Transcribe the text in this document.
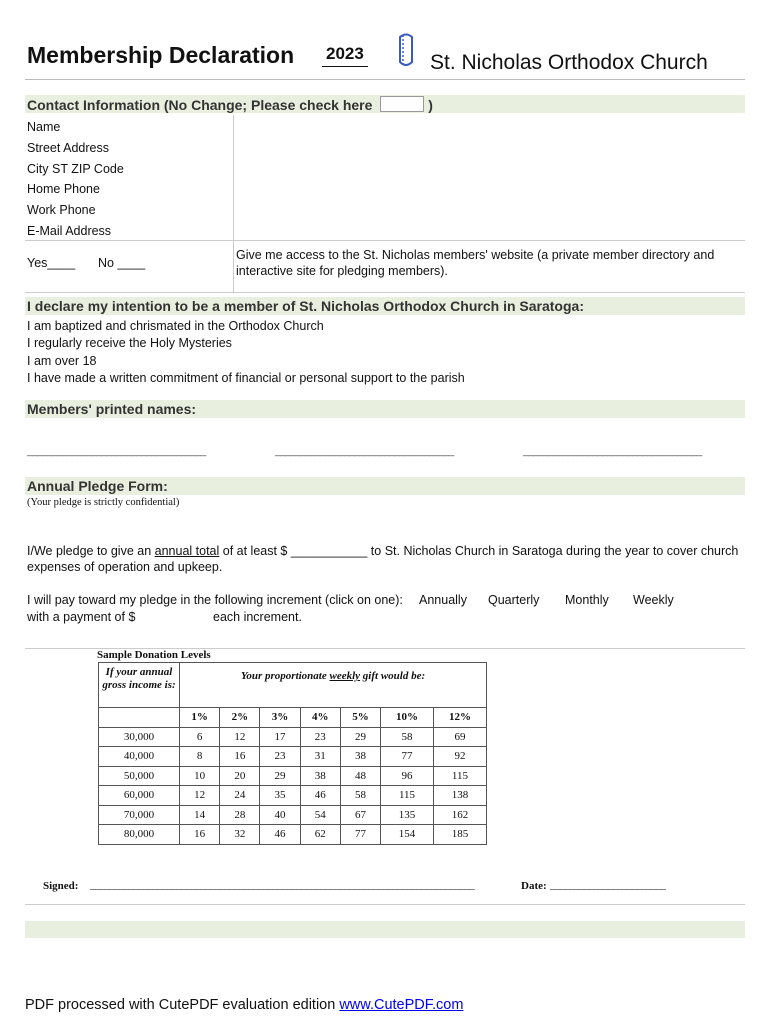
Membership Declaration 2023	St. Nicholas Orthodox Church
Contact Information (No Change; Please check here	)
Name
Street Address
City ST ZIP Code
Home Phone
Work Phone
E-Mail Address
Yes____ No ____
Give me access to the St. Nicholas members' website (a private member directory and interactive site for pledging members).
I declare my intention to be a member of St. Nicholas Orthodox Church in Saratoga:
I am baptized and chrismated in the Orthodox Church
I regularly receive the Holy Mysteries
I am over 18
I have made a written commitment of financial or personal support to the parish
Members' printed names:
____________________________________	____________________________________	____________________________________
Annual Pledge Form:
(Your pledge is strictly confidential)
I/We pledge to give an annual total of at least $ ___________ to St. Nicholas Church in Saratoga during the year to cover church expenses of operation and upkeep.
I will pay toward my pledge in the following increment (click on one): Annually Quarterly Monthly Weekly
with a payment of $	each increment.
Sample Donation Levels
If your annual gross income is:	Your proportionate weekly gift would be:						
	1%	2%	3%	4%	5%	10%	12%
30,000	6	12	17	23	29	58	69
40,000	8	16	23	31	38	77	92
50,000	10	20	29	38	48	96	115
60,000	12	24	35	46	58	115	138
70,000	14	28	40	54	67	135	162
80,000	16	32	46	62	77	154	185
Signed: ________________________________________________________________________________	Date: ________________________
PDF processed with CutePDF evaluation edition www.CutePDF.com
